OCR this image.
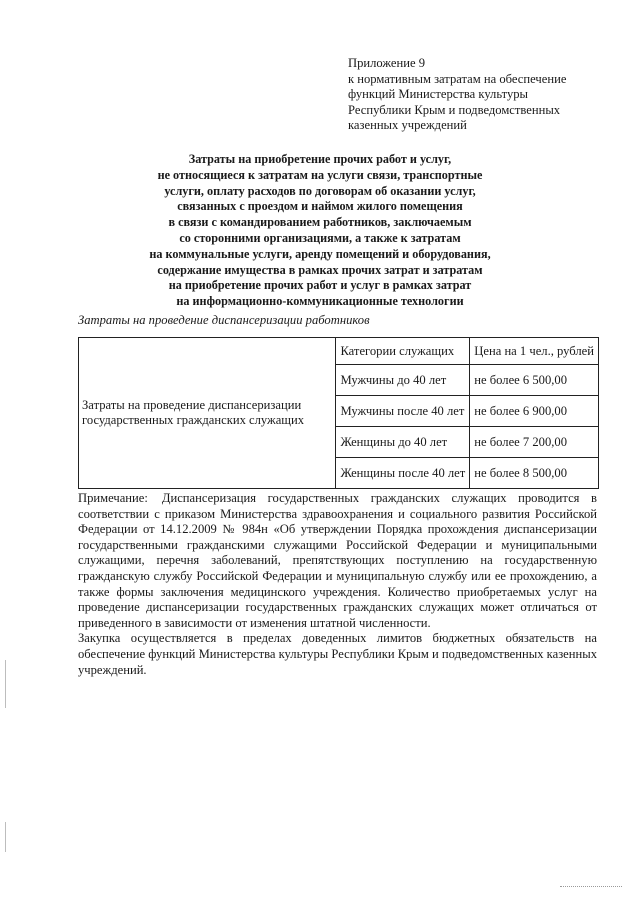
Приложение 9
к нормативным затратам на обеспечение
функций Министерства культуры
Республики Крым и подведомственных
казенных учреждений
Затраты на приобретение прочих работ и услуг,
не относящиеся к затратам на услуги связи, транспортные
услуги, оплату расходов по договорам об оказании услуг,
связанных с проездом и наймом жилого помещения
в связи с командированием работников, заключаемым
со сторонними организациями, а также к затратам
на коммунальные услуги, аренду помещений и оборудования,
содержание имущества в рамках прочих затрат и затратам
на приобретение прочих работ и услуг в рамках затрат
на информационно-коммуникационные технологии
Затраты на проведение диспансеризации работников
Затраты на проведение диспансеризации государственных гражданских служащих	Категории служащих	Цена на 1 чел., рублей
	Мужчины до 40 лет	не более 6 500,00
	Мужчины после 40 лет	не более 6 900,00
	Женщины до 40 лет	не более 7 200,00
	Женщины после 40 лет	не более 8 500,00

Примечание: Диспансеризация государственных гражданских служащих проводится в соответствии с приказом Министерства здравоохранения и социального развития Российской Федерации от 14.12.2009 № 984н «Об утверждении Порядка прохождения диспансеризации государственными гражданскими служащими Российской Федерации и муниципальными служащими, перечня заболеваний, препятствующих поступлению на государственную гражданскую службу Российской Федерации и муниципальную службу или ее прохождению, а также формы заключения медицинского учреждения. Количество приобретаемых услуг на проведение диспансеризации государственных гражданских служащих может отличаться от приведенного в зависимости от изменения штатной численности.

Закупка осуществляется в пределах доведенных лимитов бюджетных обязательств на обеспечение функций Министерства культуры Республики Крым и подведомственных казенных учреждений.
